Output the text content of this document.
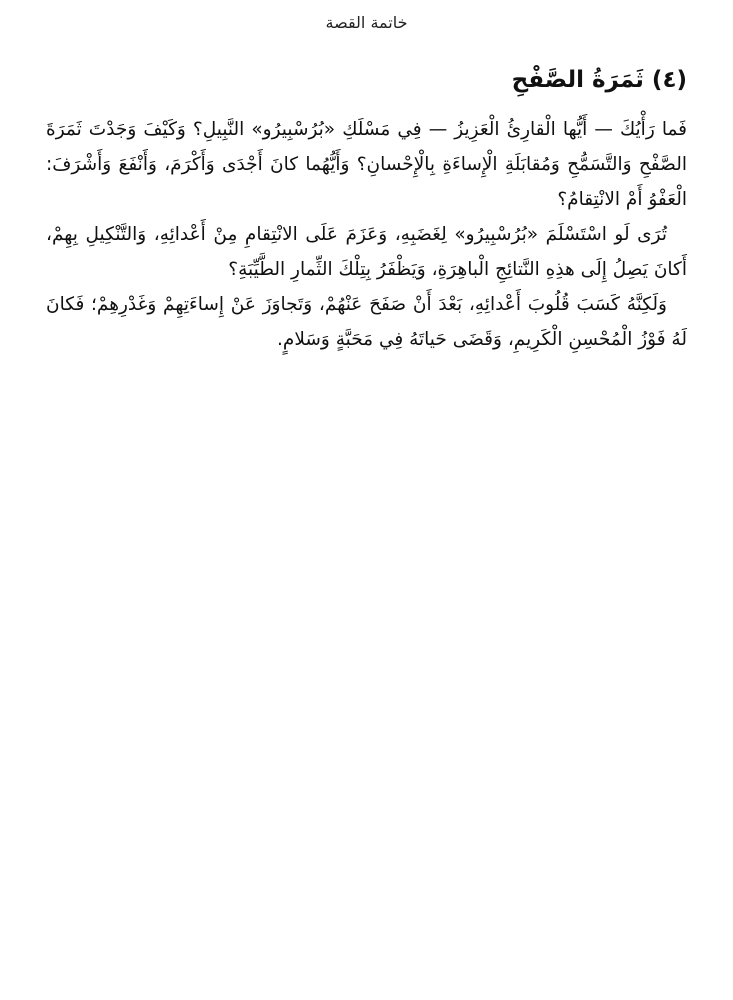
خاتمة القصة
(٤) ثَمَرَةُ الصَّفْحِ

فَما رَأْيُكَ — أَيُّها الْقارِئُ الْعَزِيزُ — فِي مَسْلَكِ «بُرُسْبِيرُو» النَّبِيلِ؟ وَكَيْفَ وَجَدْتَ ثَمَرَةَ الصَّفْحِ وَالتَّسَمُّحِ وَمُقابَلَةِ الْإِساءَةِ بِالْإِحْسانِ؟ وَأَيُّهُما كانَ أَجْدَى وَأَكْرَمَ، وَأَنْفَعَ وَأَشْرَفَ: الْعَفْوُ أَمْ الانْتِقامُ؟

تُرَى لَو اسْتَسْلَمَ «بُرُسْبِيرُو» لِغَضَبِهِ، وَعَزَمَ عَلَى الانْتِقامِ مِنْ أَعْدائِهِ، وَالتَّنْكِيلِ بِهِمْ، أَكانَ يَصِلُ إِلَى هذِهِ النَّتائِجِ الْباهِرَةِ، وَيَظْفَرُ بِتِلْكَ الثِّمارِ الطَّيِّبَةِ؟

وَلَكِنَّهُ كَسَبَ قُلُوبَ أَعْدائِهِ، بَعْدَ أَنْ صَفَحَ عَنْهُمْ، وَتَجاوَزَ عَنْ إِساءَتِهِمْ وَغَدْرِهِمْ؛ فَكانَ لَهُ فَوْزُ الْمُحْسِنِ الْكَرِيمِ، وَقَضَى حَياتَهُ فِي مَحَبَّةٍ وَسَلامٍ.
